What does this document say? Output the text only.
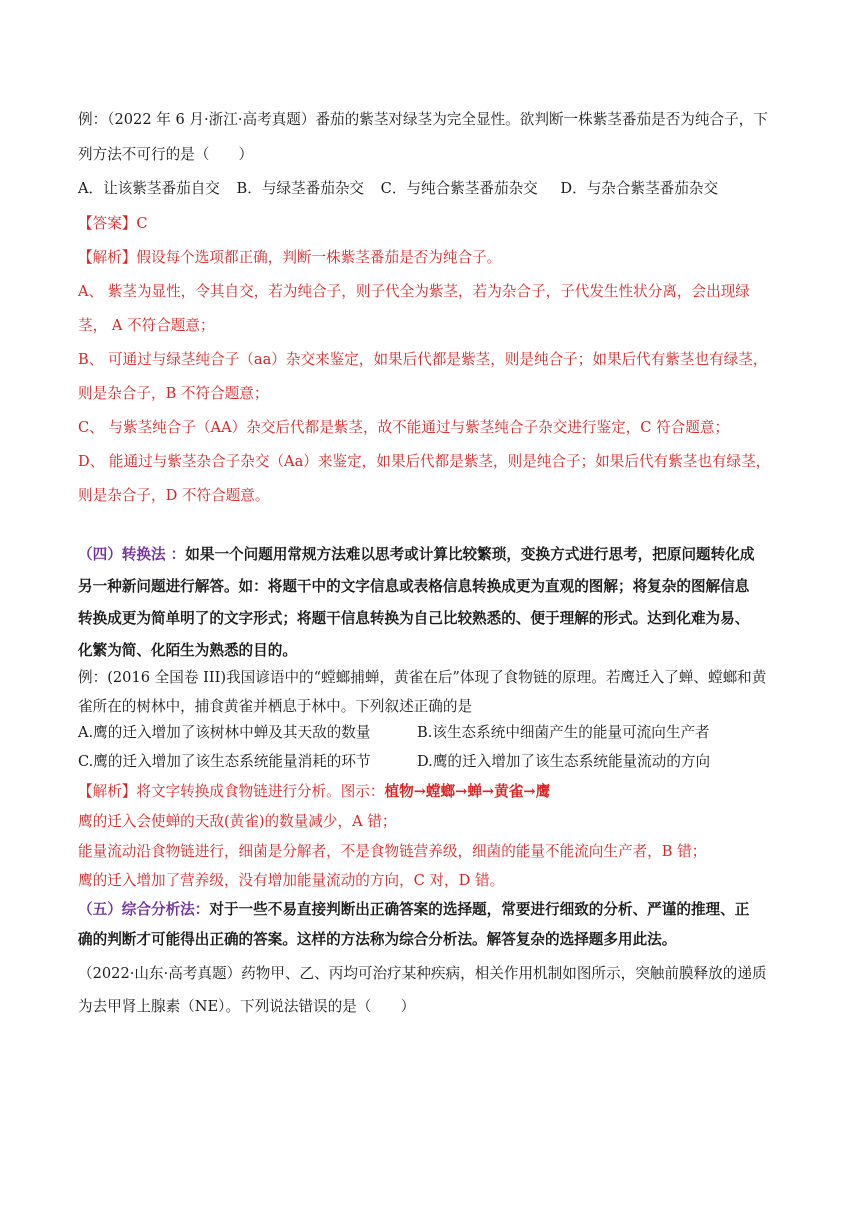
例：（2022 年 6 月·浙江·高考真题）番茄的紫茎对绿茎为完全显性。欲判断一株紫茎番茄是否为纯合子，下
列方法不可行的是（　　）
A．让该紫茎番茄自交 B．与绿茎番茄杂交 C．与纯合紫茎番茄杂交 D．与杂合紫茎番茄杂交
【答案】C
【解析】假设每个选项都正确，判断一株紫茎番茄是否为纯合子。
A、 紫茎为显性，令其自交，若为纯合子，则子代全为紫茎，若为杂合子，子代发生性状分离，会出现绿
茎， A 不符合题意；
B、 可通过与绿茎纯合子（aa）杂交来鉴定，如果后代都是紫茎，则是纯合子；如果后代有紫茎也有绿茎，
则是杂合子，B 不符合题意；
C、 与紫茎纯合子（AA）杂交后代都是紫茎，故不能通过与紫茎纯合子杂交进行鉴定，C 符合题意；
D、 能通过与紫茎杂合子杂交（Aa）来鉴定，如果后代都是紫茎，则是纯合子；如果后代有紫茎也有绿茎，
则是杂合子，D 不符合题意。
（四）转换法 ：如果一个问题用常规方法难以思考或计算比较繁琐，变换方式进行思考，把原问题转化成
另一种新问题进行解答。如：将题干中的文字信息或表格信息转换成更为直观的图解；将复杂的图解信息
转换成更为简单明了的文字形式；将题干信息转换为自己比较熟悉的、便于理解的形式。达到化难为易、
化繁为简、化陌生为熟悉的目的。
例：(2016 全国卷 III)我国谚语中的“螳螂捕蝉，黄雀在后”体现了食物链的原理。若鹰迁入了蝉、螳螂和黄
雀所在的树林中，捕食黄雀并栖息于林中。下列叙述正确的是
A.鹰的迁入增加了该树林中蝉及其天敌的数量	B.该生态系统中细菌产生的能量可流向生产者
C.鹰的迁入增加了该生态系统能量消耗的环节	D.鹰的迁入增加了该生态系统能量流动的方向
【解析】将文字转换成食物链进行分析。图示：植物→螳螂→蝉→黄雀→鹰
鹰的迁入会使蝉的天敌(黄雀)的数量减少，A 错；
能量流动沿食物链进行，细菌是分解者，不是食物链营养级，细菌的能量不能流向生产者，B 错；
鹰的迁入增加了营养级，没有增加能量流动的方向，C 对，D 错。
（五）综合分析法：对于一些不易直接判断出正确答案的选择题，常要进行细致的分析、严谨的推理、正
确的判断才可能得出正确的答案。这样的方法称为综合分析法。解答复杂的选择题多用此法。
（2022·山东·高考真题）药物甲、乙、丙均可治疗某种疾病，相关作用机制如图所示，突触前膜释放的递质
为去甲肾上腺素（NE）。下列说法错误的是（　　）
